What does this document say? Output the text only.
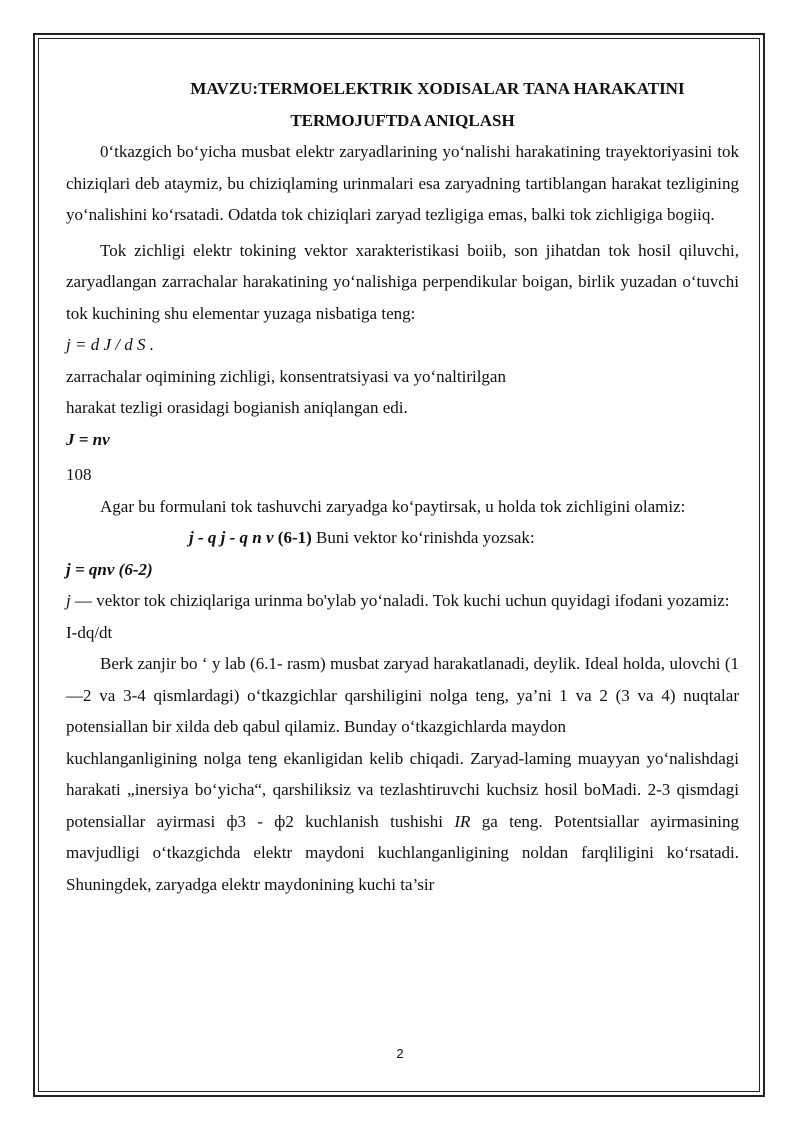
MAVZU:TERMOELEKTRIK XODISALAR TANA HARAKATINI

TERMOJUFTDA ANIQLASH

0‘tkazgich bo‘yicha musbat elektr zaryadlarining yo‘nalishi harakatining trayektoriyasini tok chiziqlari deb ataymiz, bu chiziqlaming urinmalari esa zaryadning tartiblangan harakat tezligining yo‘nalishini ko‘rsatadi. Odatda tok chiziqlari zaryad tezligiga emas, balki tok zichligiga bogiiq.

Tok zichligi elektr tokining vektor xarakteristikasi boiib, son jihatdan tok hosil qiluvchi, zaryadlangan zarrachalar harakatining yo‘nalishiga perpendikular boigan, birlik yuzadan o‘tuvchi tok kuchining shu elementar yuzaga nisbatiga teng:

j = d J / d S .

zarrachalar oqimining zichligi, konsentratsiyasi va yo‘naltirilgan

harakat tezligi orasidagi bogianish aniqlangan edi.

J = nv

108

Agar bu formulani tok tashuvchi zaryadga ko‘paytirsak, u holda tok zichligini olamiz:

j - q j - q n v (6-1) Buni vektor ko‘rinishda yozsak:

j = qnv (6-2)

j — vektor tok chiziqlariga urinma bo'ylab yo‘naladi. Tok kuchi uchun quyidagi ifodani yozamiz:

I-dq/dt

Berk zanjir bo ‘ y lab (6.1- rasm) musbat zaryad harakatlanadi, deylik. Ideal holda, ulovchi (1—2 va 3-4 qismlardagi) o‘tkazgichlar qarshiligini nolga teng, ya’ni 1 va 2 (3 va 4) nuqtalar potensiallan bir xilda deb qabul qilamiz. Bunday o‘tkazgichlarda maydon

kuchlanganligining nolga teng ekanligidan kelib chiqadi. Zaryad-laming muayyan yo‘nalishdagi harakati „inersiya bo‘yicha“, qarshiliksiz va tezlashtiruvchi kuchsiz hosil boMadi. 2-3 qismdagi potensiallar ayirmasi ф3 - ф2 kuchlanish tushishi IR ga teng. Potentsiallar ayirmasining mavjudligi o‘tkazgichda elektr maydoni kuchlanganligining noldan farqliligini ko‘rsatadi. Shuningdek, zaryadga elektr maydonining kuchi ta’sir

2
